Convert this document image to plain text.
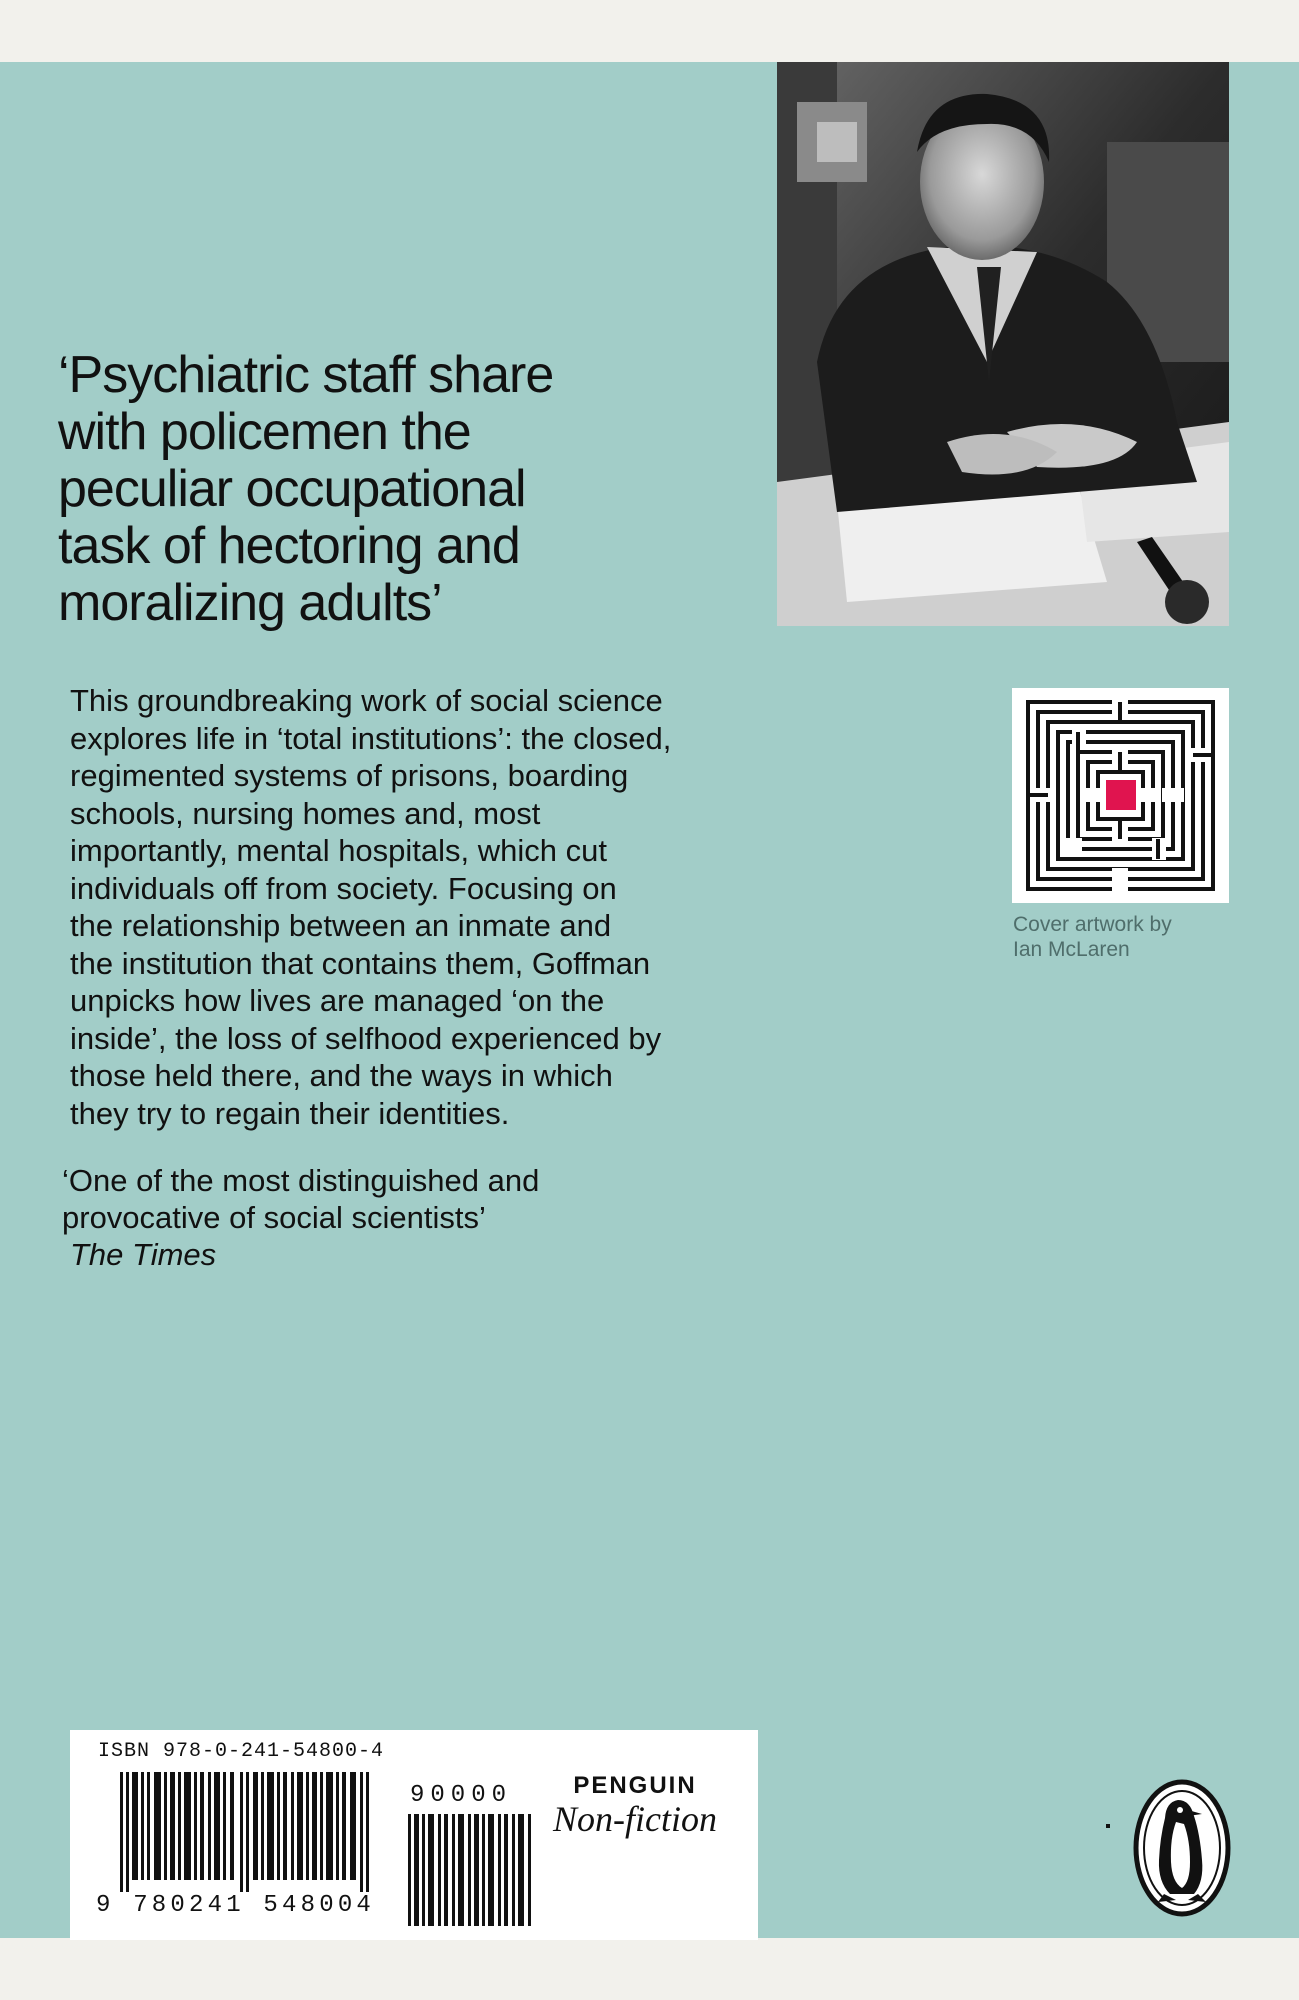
‘Psychiatric staff share
with policemen the
peculiar occupational
task of hectoring and
moralizing adults’
This groundbreaking work of social science
explores life in ‘total institutions’: the closed,
regimented systems of prisons, boarding
schools, nursing homes and, most
importantly, mental hospitals, which cut
individuals off from society. Focusing on
the relationship between an inmate and
the institution that contains them, Goffman
unpicks how lives are managed ‘on the
inside’, the loss of selfhood experienced by
those held there, and the ways in which
they try to regain their identities.
‘One of the most distinguished and
provocative of social scientists’
The Times
Cover artwork by
Ian McLaren
ISBN 978-0-241-54800-4
9 780241 548004
90000	PENGUIN
Non-fiction
